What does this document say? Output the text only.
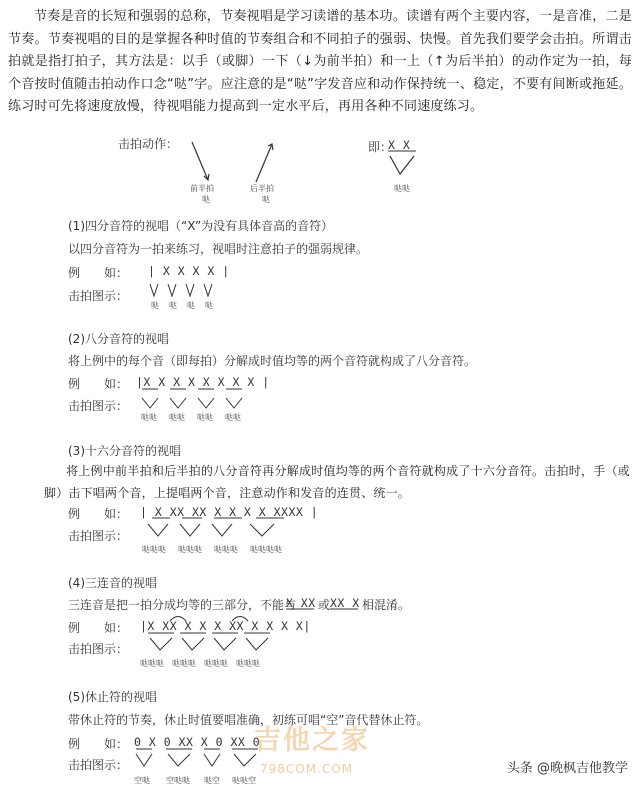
节奏是音的长短和强弱的总称，节奏视唱是学习读谱的基本功。读谱有两个主要内容，一是音准，二是节奏。节奏视唱的目的是掌握各种时值的节奏组合和不同拍子的强弱、快慢。首先我们要学会击拍。所谓击拍就是指打拍子，其方法是：以手（或脚）一下（↓为前半拍）和一上（↑为后半拍）的动作定为一拍，每个音按时值随击拍动作口念“哒”字。应注意的是“哒”字发音应和动作保持统一、稳定，不要有间断或拖延。练习时可先将速度放慢，待视唱能力提高到一定水平后，再用各种不同速度练习。

击拍动作：
前半拍
哒
后半拍
哒
即：
X X
哒哒
(1)四分音符的视唱（“X”为没有具体音高的音符）
以四分音符为一拍来练习，视唱时注意拍子的强弱规律。
例　　如： | X X X X |
击拍图示：
哒 哒 哒 哒
(2)八分音符的视唱
将上例中的每个音（即每拍）分解成时值均等的两个音符就构成了八分音符。
例　　如： |X X X X X X X X |
击拍图示：
哒哒 哒哒 哒哒 哒哒
(3)十六分音符的视唱

将上例中前半拍和后半拍的八分音符再分解成时值均等的两个音符就构成了十六分音符。击拍时，手（或脚）击下唱两个音，上提唱两个音，注意动作和发音的连贯、统一。

例　　如： | X XX XX X X X X XXXX |
击拍图示：
哒哒哒 哒哒哒 哒哒哒 哒哒哒哒
(4)三连音的视唱
三连音是把一拍分成均等的三部分，不能与
X XX 或 XX X 相混淆。
例　　如： |X XX X X X XX X X X X|
击拍图示：
哒哒哒 哒哒哒 哒哒哒 哒哒哒
(5)休止符的视唱
带休止符的节奏，休止时值要唱准确，初练可唱“空”音代替休止符。
例　　如： 0 X 0 XX X 0 XX 0
击拍图示：
空哒 空哒哒 哒空 哒哒空
吉他之家
798COM.COM	头条 @晚枫吉他教学
